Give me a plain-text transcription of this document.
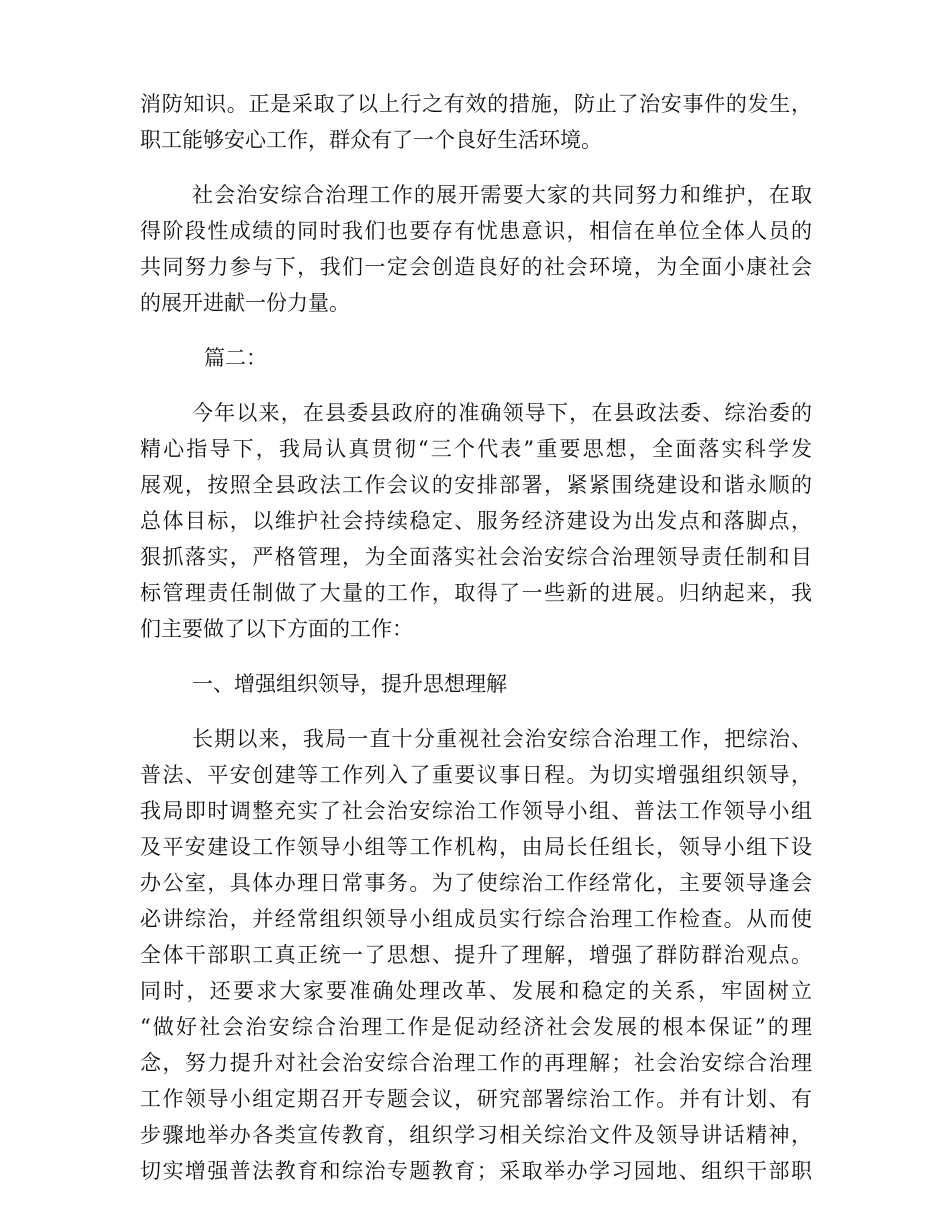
消防知识。正是采取了以上行之有效的措施，防止了治安事件的发生，
职工能够安心工作，群众有了一个良好生活环境。

社会治安综合治理工作的展开需要大家的共同努力和维护，在取
得阶段性成绩的同时我们也要存有忧患意识，相信在单位全体人员的
共同努力参与下，我们一定会创造良好的社会环境，为全面小康社会
的展开进献一份力量。

篇二：

今年以来，在县委县政府的准确领导下，在县政法委、综治委的
精心指导下，我局认真贯彻“三个代表”重要思想，全面落实科学发
展观，按照全县政法工作会议的安排部署，紧紧围绕建设和谐永顺的
总体目标，以维护社会持续稳定、服务经济建设为出发点和落脚点，
狠抓落实，严格管理，为全面落实社会治安综合治理领导责任制和目
标管理责任制做了大量的工作，取得了一些新的进展。归纳起来，我
们主要做了以下方面的工作：

一、增强组织领导，提升思想理解

长期以来，我局一直十分重视社会治安综合治理工作，把综治、
普法、平安创建等工作列入了重要议事日程。为切实增强组织领导，
我局即时调整充实了社会治安综治工作领导小组、普法工作领导小组
及平安建设工作领导小组等工作机构，由局长任组长，领导小组下设
办公室，具体办理日常事务。为了使综治工作经常化，主要领导逢会
必讲综治，并经常组织领导小组成员实行综合治理工作检查。从而使
全体干部职工真正统一了思想、提升了理解，增强了群防群治观点。
同时，还要求大家要准确处理改革、发展和稳定的关系，牢固树立
“做好社会治安综合治理工作是促动经济社会发展的根本保证”的理
念，努力提升对社会治安综合治理工作的再理解；社会治安综合治理
工作领导小组定期召开专题会议，研究部署综治工作。并有计划、有
步骤地举办各类宣传教育，组织学习相关综治文件及领导讲话精神，
切实增强普法教育和综治专题教育；采取举办学习园地、组织干部职
